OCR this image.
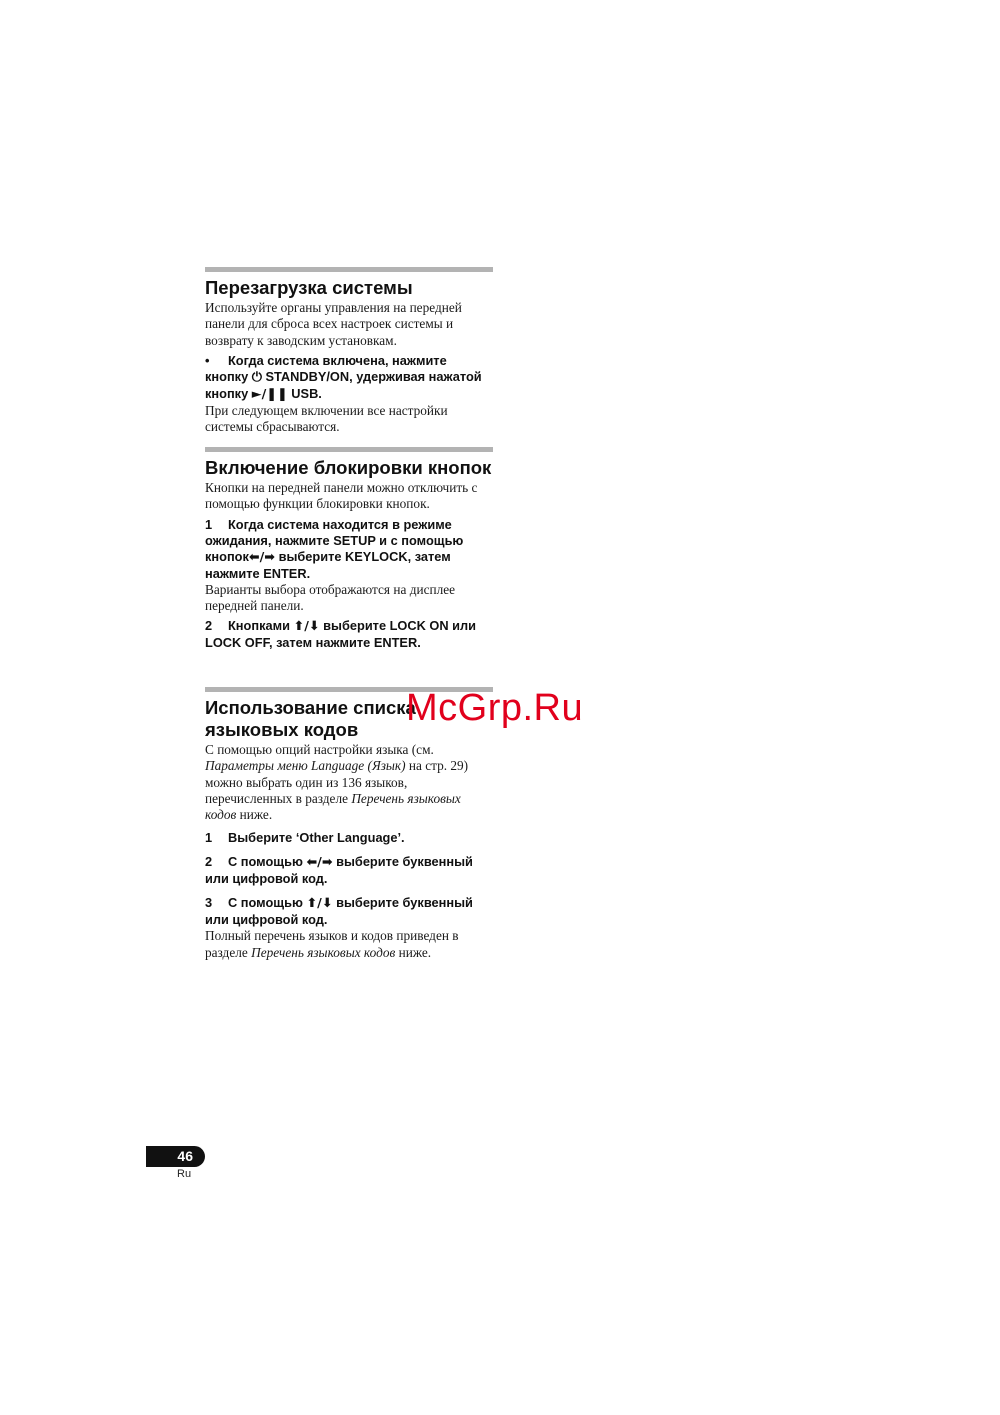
Перезагрузка системы
Используйте органы управления на передней панели для сброса всех настроек системы и возврату к заводским установкам.
• Когда система включена, нажмите кнопку ⏻ STANDBY/ON, удерживая нажатой кнопку ►/❚❚ USB.
При следующем включении все настройки системы сбрасываются.
Включение блокировки кнопок
Кнопки на передней панели можно отключить с помощью функции блокировки кнопок.
1 Когда система находится в режиме ожидания, нажмите SETUP и с помощью кнопок⬅/➡ выберите KEYLOCK, затем нажмите ENTER.
Варианты выбора отображаются на дисплее передней панели.
2 Кнопками ⬆/⬇ выберите LOCK ON или LOCK OFF, затем нажмите ENTER.
Использование списка языковых кодов
С помощью опций настройки языка (см. Параметры меню Language (Язык) на стр. 29) можно выбрать один из 136 языков, перечисленных в разделе Перечень языковых кодов ниже.
1 Выберите ‘Other Language’.
2 С помощью ⬅/➡ выберите буквенный или цифровой код.
3 С помощью ⬆/⬇ выберите буквенный или цифровой код.
Полный перечень языков и кодов приведен в разделе Перечень языковых кодов ниже.
McGrp.Ru
46
Ru
